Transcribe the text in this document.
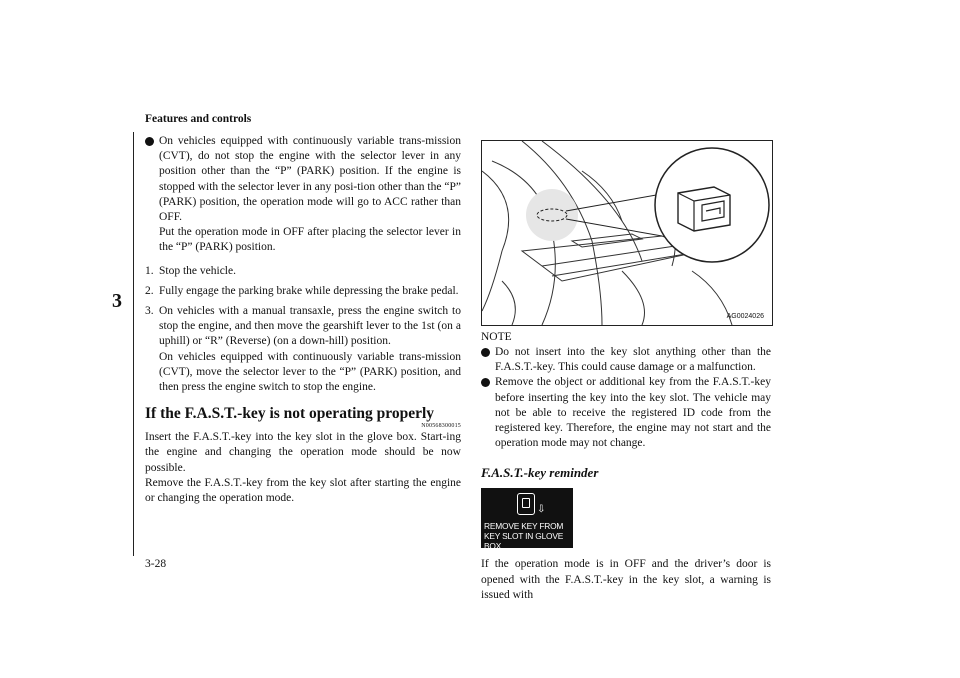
Features and controls
3
3-28

On vehicles equipped with continuously variable trans-mission (CVT), do not stop the engine with the selector lever in any position other than the “P” (PARK) position. If the engine is stopped with the selector lever in any posi-tion other than the “P” (PARK) position, the operation mode will go to ACC rather than OFF.

Put the operation mode in OFF after placing the selector lever in the “P” (PARK) position.

1. Stop the vehicle.

2. Fully engage the parking brake while depressing the brake pedal.

3. On vehicles with a manual transaxle, press the engine switch to stop the engine, and then move the gearshift lever to the 1st (on a uphill) or “R” (Reverse) (on a down-hill) position.

On vehicles equipped with continuously variable trans-mission (CVT), move the selector lever to the “P” (PARK) position, and then press the engine switch to stop the engine.

If the F.A.S.T.-key is not operating properly
N00568300015

Insert the F.A.S.T.-key into the key slot in the glove box. Start-ing the engine and changing the operation mode should be now possible.

Remove the F.A.S.T.-key from the key slot after starting the engine or changing the operation mode.

AG0024026
NOTE

Do not insert into the key slot anything other than the F.A.S.T.-key. This could cause damage or a malfunction.

Remove the object or additional key from the F.A.S.T.-key before inserting the key into the key slot. The vehicle may not be able to receive the registered ID code from the registered key. Therefore, the engine may not start and the operation mode may not change.

F.A.S.T.-key reminder
⇩
REMOVE KEY FROM KEY SLOT IN GLOVE BOX

If the operation mode is in OFF and the driver’s door is opened with the F.A.S.T.-key in the key slot, a warning is issued with
